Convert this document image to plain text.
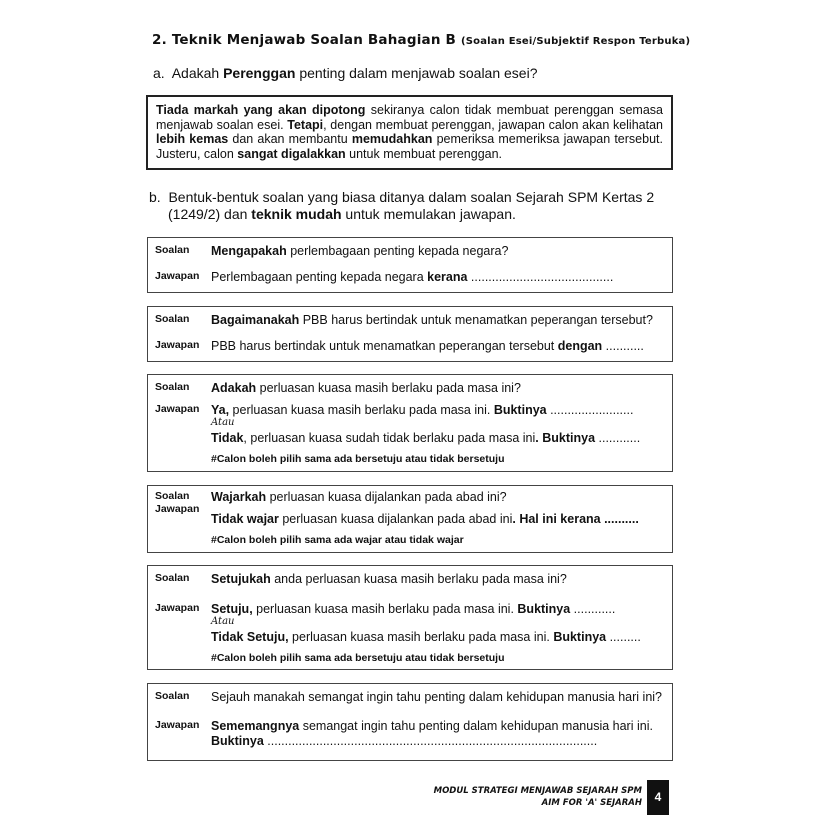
2. Teknik Menjawab Soalan Bahagian B (Soalan Esei/Subjektif Respon Terbuka)
a. Adakah Perenggan penting dalam menjawab soalan esei?
Tiada markah yang akan dipotong sekiranya calon tidak membuat perenggan semasa menjawab soalan esei. Tetapi, dengan membuat perenggan, jawapan calon akan kelihatan lebih kemas dan akan membantu memudahkan pemeriksa memeriksa jawapan tersebut. Justeru, calon sangat digalakkan untuk membuat perenggan.
b. Bentuk-bentuk soalan yang biasa ditanya dalam soalan Sejarah SPM Kertas 2
(1249/2) dan teknik mudah untuk memulakan jawapan.
Soalan Mengapakah perlembagaan penting kepada negara?
Jawapan Perlembagaan penting kepada negara kerana .........................................
Soalan Bagaimanakah PBB harus bertindak untuk menamatkan peperangan tersebut?
Jawapan PBB harus bertindak untuk menamatkan peperangan tersebut dengan ...........
Soalan Adakah perluasan kuasa masih berlaku pada masa ini?
Jawapan Ya, perluasan kuasa masih berlaku pada masa ini. Buktinya ........................
Atau
Tidak, perluasan kuasa sudah tidak berlaku pada masa ini. Buktinya ............
#Calon boleh pilih sama ada bersetuju atau tidak bersetuju
Soalan Wajarkah perluasan kuasa dijalankan pada abad ini?
Jawapan
Tidak wajar perluasan kuasa dijalankan pada abad ini. Hal ini kerana ..........
#Calon boleh pilih sama ada wajar atau tidak wajar
Soalan Setujukah anda perluasan kuasa masih berlaku pada masa ini?
Jawapan Setuju, perluasan kuasa masih berlaku pada masa ini. Buktinya ............
Atau
Tidak Setuju, perluasan kuasa masih berlaku pada masa ini. Buktinya .........
#Calon boleh pilih sama ada bersetuju atau tidak bersetuju
Soalan Sejauh manakah semangat ingin tahu penting dalam kehidupan manusia hari ini?
Jawapan Sememangnya semangat ingin tahu penting dalam kehidupan manusia hari ini.
Buktinya ...............................................................................................
MODUL STRATEGI MENJAWAB SEJARAH SPM
AIM FOR 'A' SEJARAH	4
